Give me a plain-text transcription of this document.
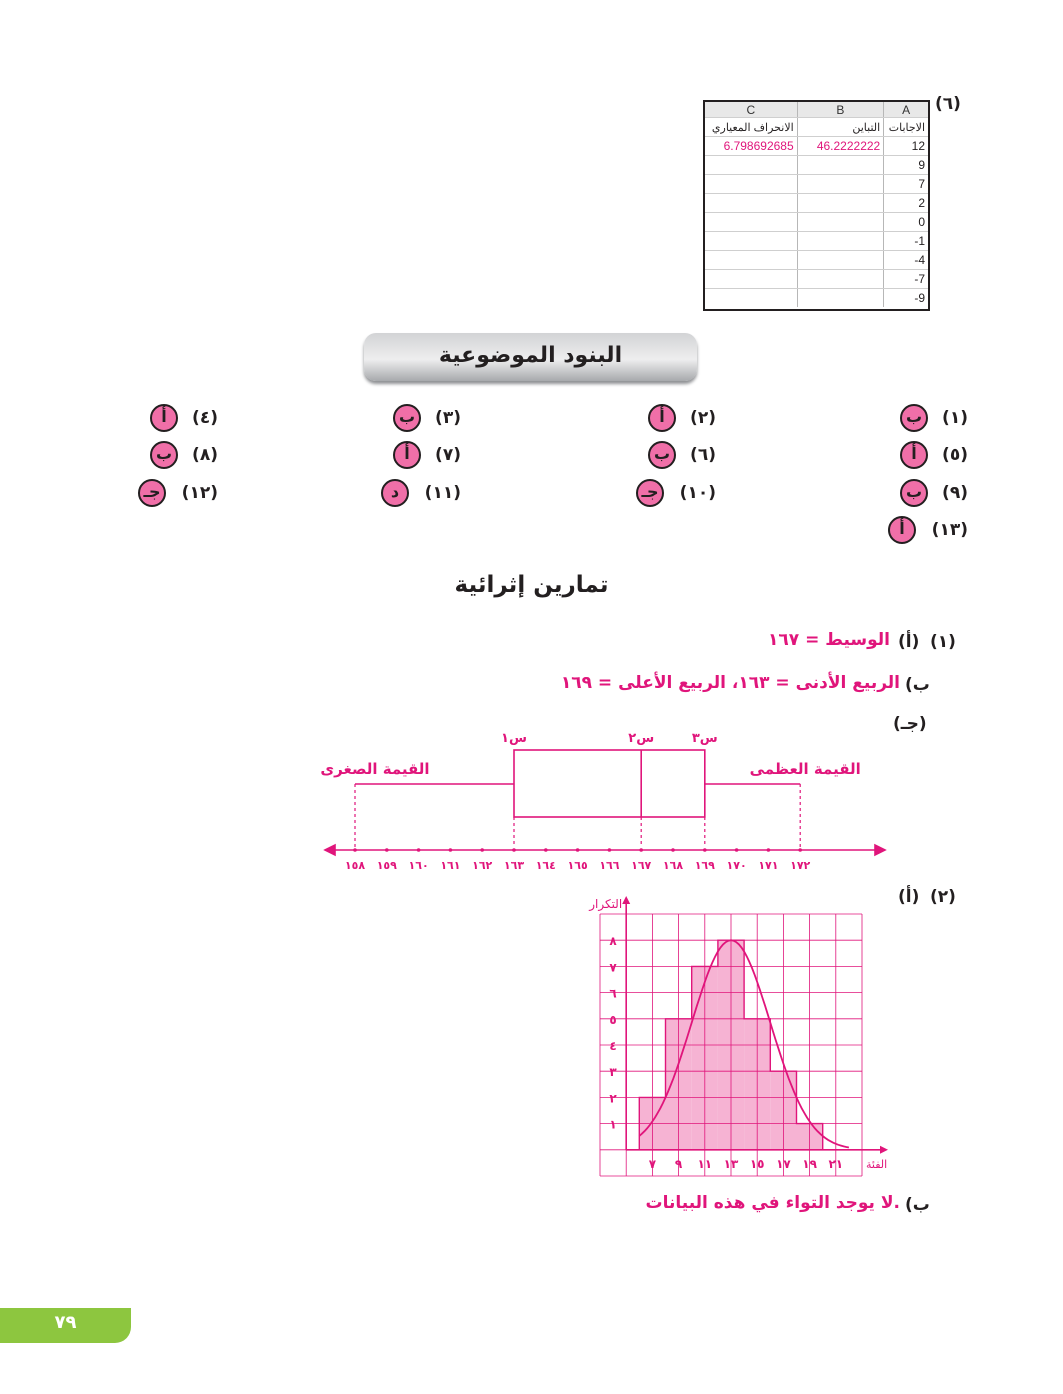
(٦)
C	B	A
الانحراف المعياري	التباين	الاجابات
6.798692685	46.2222222	12
		9
		7
		2
		0
		-1
		-4
		-7
		-9
البنود الموضوعية
(١)
ب
(٢)
أ
(٣)
ب
(٤)
أ
(٥)
أ
(٦)
ب
(٧)
أ
(٨)
ب
(٩)
ب
(١٠)
جـ
(١١)
د
(١٢)
جـ
(١٣)
أ
تمارين إثرائية
(١)
(أ)
الوسيط = ١٦٧
(ب
الربيع الأدنى = ١٦٣، الربيع الأعلى = ١٦٩
(جـ)
١٥٨ ١٥٩ ١٦٠ ١٦١ ١٦٢ ١٦٣ ١٦٤ ١٦٥ ١٦٦ ١٦٧ ١٦٨ ١٦٩ ١٧٠ ١٧١ ١٧٢
القيمة الصغرى	القيمة العظمى
س١	س٢	س٣
(٢)
(أ)
١
٢
٣
٤
٥
٦
٧
٨
٧ ٩ ١١ ١٣ ١٥ ١٧ ١٩ ٢١
التكرار
الفئة
(ب
لا يوجد التواء في هذه البيانات.
٧٩
